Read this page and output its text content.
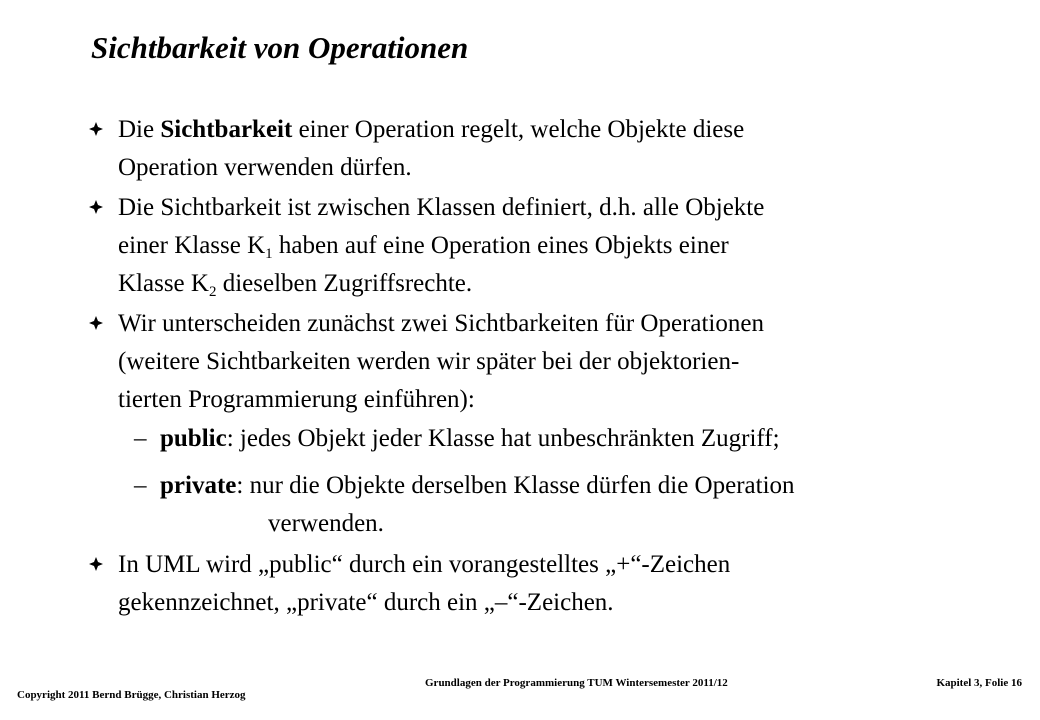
Sichtbarkeit von Operationen
Die Sichtbarkeit einer Operation regelt, welche Objekte diese
Operation verwenden dürfen.
Die Sichtbarkeit ist zwischen Klassen definiert, d.h. alle Objekte
einer Klasse $K_1$ haben auf eine Operation eines Objekts einer
Klasse $K_2$ dieselben Zugriffsrechte.
Wir unterscheiden zunächst zwei Sichtbarkeiten für Operationen
(weitere Sichtbarkeiten werden wir später bei der objektorien-
tierten Programmierung einführen):
– public: jedes Objekt jeder Klasse hat unbeschränkten Zugriff;
– private: nur die Objekte derselben Klasse dürfen die Operation
verwenden.
In UML wird „public“ durch ein vorangestelltes „+“-Zeichen
gekennzeichnet, „private“ durch ein „–“-Zeichen.
Copyright 2011 Bernd Brügge, Christian Herzog
Grundlagen der Programmierung TUM Wintersemester 2011/12	Kapitel 3, Folie 16
